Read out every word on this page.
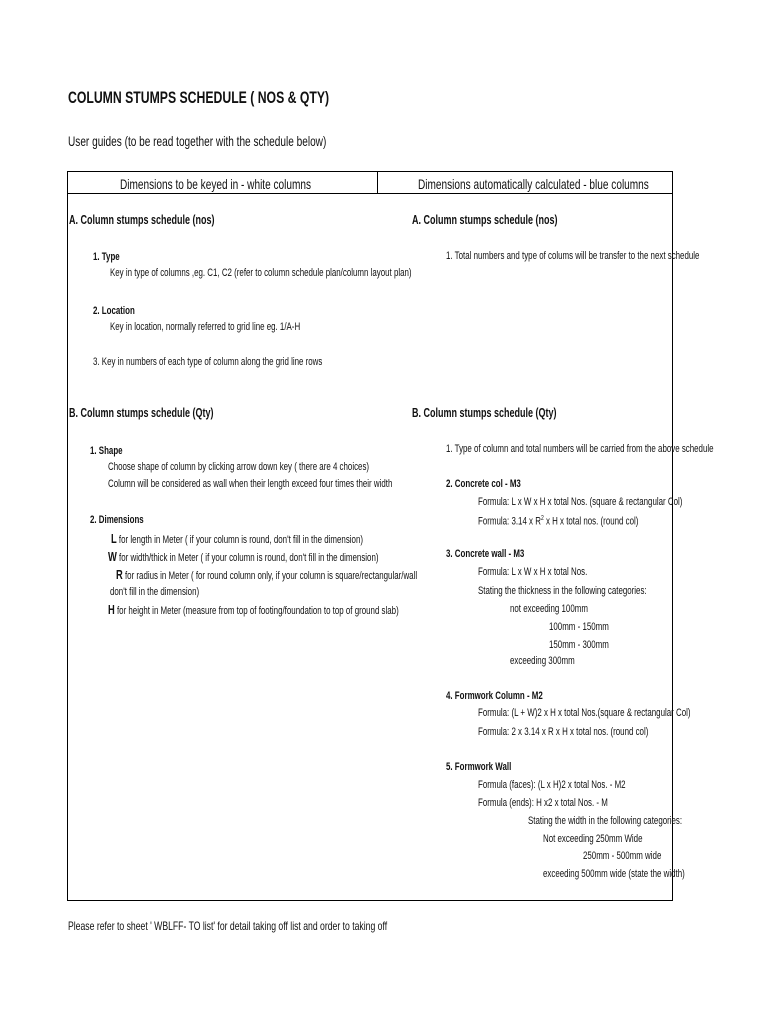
COLUMN STUMPS SCHEDULE ( NOS & QTY)
User guides (to be read together with the schedule below)
Dimensions to be keyed in - white columns	Dimensions automatically calculated - blue columns
A. Column stumps schedule (nos)
1. Type
Key in type of columns ,eg. C1, C2 (refer to column schedule plan/column layout plan)
2. Location
Key in location, normally referred to grid line eg. 1/A-H
3. Key in numbers of each type of column along the grid line rows
B. Column stumps schedule (Qty)
1. Shape
Choose shape of column by clicking arrow down key ( there are 4 choices)
Column will be considered as wall when their length exceed four times their width
2. Dimensions
L for length in Meter ( if your column is round, don't fill in the dimension)
W for width/thick in Meter ( if your column is round, don't fill in the dimension)
R for radius in Meter ( for round column only, if your column is square/rectangular/wall
don't fill in the dimension)
H for height in Meter (measure from top of footing/foundation to top of ground slab)
A. Column stumps schedule (nos)
1. Total numbers and type of colums will be transfer to the next schedule
B. Column stumps schedule (Qty)
1. Type of column and total numbers will be carried from the above schedule
2. Concrete col - M3
Formula: L x W x H x total Nos. (square & rectangular Col)
Formula: 3.14 x $R^2$ x H x total nos. (round col)
3. Concrete wall - M3
Formula: L x W x H x total Nos.
Stating the thickness in the following categories:
not exceeding 100mm
100mm - 150mm
150mm - 300mm
exceeding 300mm
4. Formwork Column - M2
Formula: (L + W)2 x H x total Nos.(square & rectangular Col)
Formula: 2 x 3.14 x R x H x total nos. (round col)
5. Formwork Wall
Formula (faces): (L x H)2 x total Nos. - M2
Formula (ends): H x2 x total Nos. - M
Stating the width in the following categories:
Not exceeding 250mm Wide
250mm - 500mm wide
exceeding 500mm wide (state the width)
Please refer to sheet ' WBLFF- TO list' for detail taking off list and order to taking off
